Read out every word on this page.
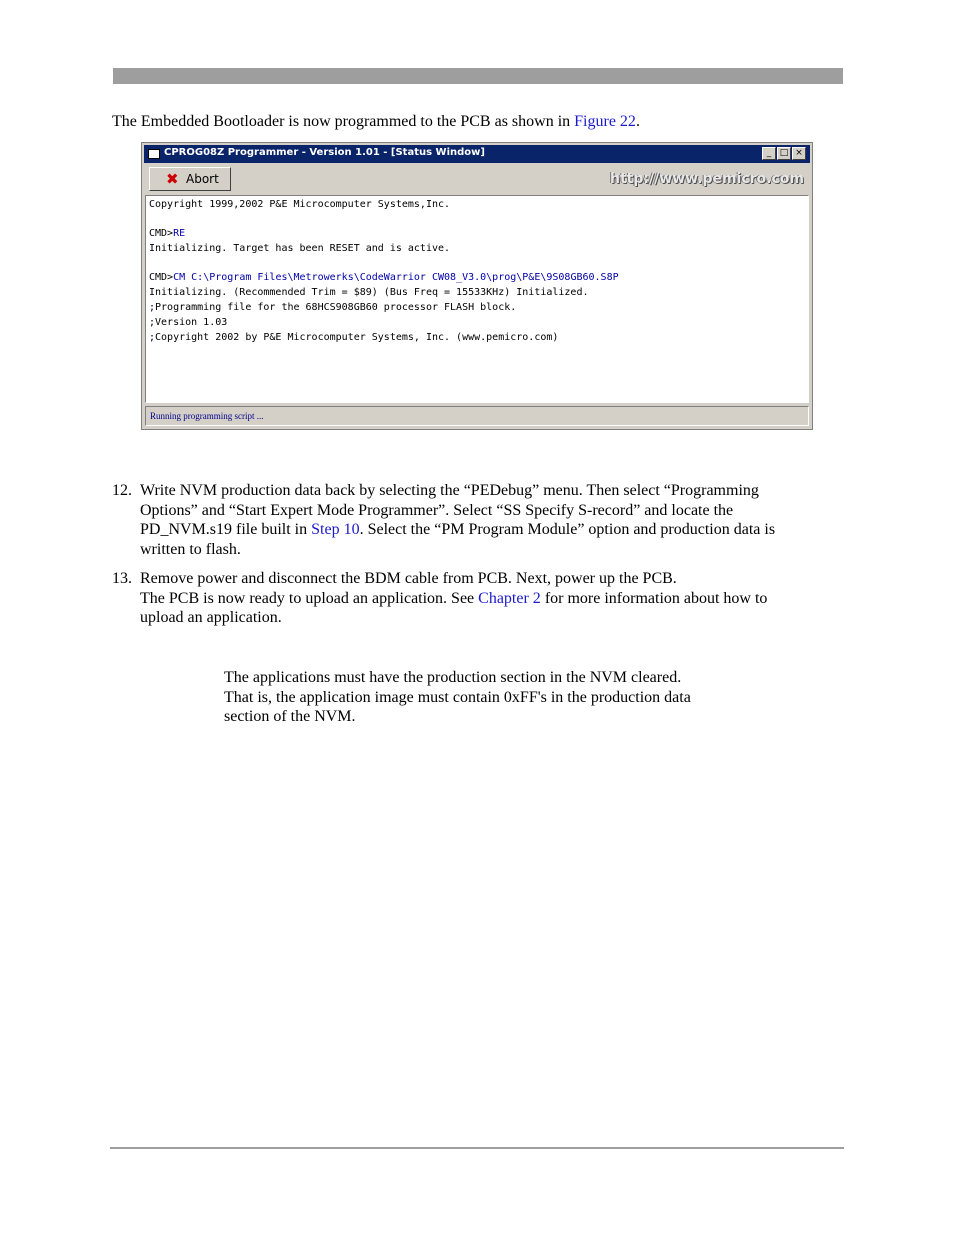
The Embedded Bootloader is now programmed to the PCB as shown in Figure 22.
CPROG08Z Programmer - Version 1.01 - [Status Window]	_ □ ×
✖ Abort	http://www.pemicro.com
Copyright 1999,2002 P&E Microcomputer Systems,Inc.
CMD>RE
Initializing. Target has been RESET and is active.
CMD>CM C:\Program Files\Metrowerks\CodeWarrior CW08_V3.0\prog\P&E\9S08GB60.S8P
Initializing. (Recommended Trim = $89) (Bus Freq = 15533KHz) Initialized.
;Programming file for the 68HCS908GB60 processor FLASH block.
;Version 1.03
;Copyright 2002 by P&E Microcomputer Systems, Inc. (www.pemicro.com)
Running programming script ...
12. Write NVM production data back by selecting the “PEDebug” menu. Then select “Programming
Options” and “Start Expert Mode Programmer”. Select “SS Specify S-record” and locate the
PD_NVM.s19 file built in Step 10. Select the “PM Program Module” option and production data is
written to flash.
13. Remove power and disconnect the BDM cable from PCB. Next, power up the PCB.
The PCB is now ready to upload an application. See Chapter 2 for more information about how to
upload an application.
The applications must have the production section in the NVM cleared.
That is, the application image must contain 0xFF's in the production data
section of the NVM.
